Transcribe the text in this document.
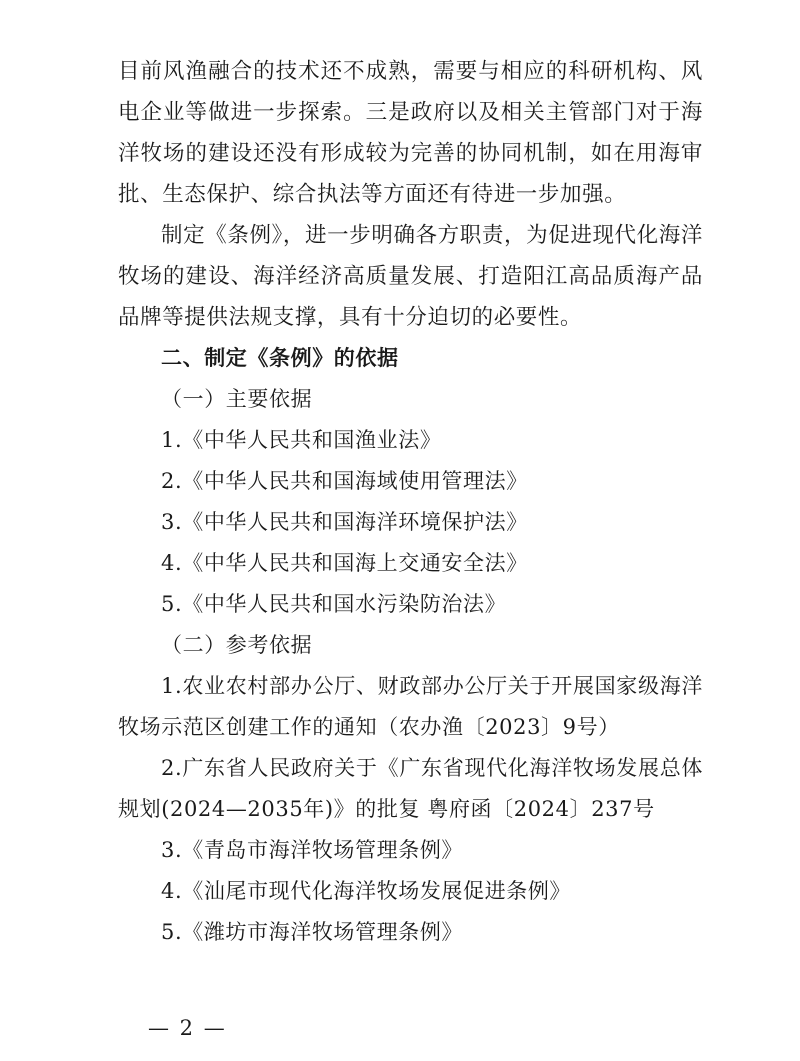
目前风渔融合的技术还不成熟，需要与相应的科研机构、风电企业等做进一步探索。三是政府以及相关主管部门对于海洋牧场的建设还没有形成较为完善的协同机制，如在用海审批、生态保护、综合执法等方面还有待进一步加强。

制定《条例》，进一步明确各方职责，为促进现代化海洋牧场的建设、海洋经济高质量发展、打造阳江高品质海产品品牌等提供法规支撑，具有十分迫切的必要性。

二、制定《条例》的依据

（一）主要依据

1.《中华人民共和国渔业法》

2.《中华人民共和国海域使用管理法》

3.《中华人民共和国海洋环境保护法》

4.《中华人民共和国海上交通安全法》

5.《中华人民共和国水污染防治法》

（二）参考依据

1.农业农村部办公厅、财政部办公厅关于开展国家级海洋牧场示范区创建工作的通知（农办渔〔2023〕9号）

2.广东省人民政府关于《广东省现代化海洋牧场发展总体规划(2024—2035年)》的批复 粤府函〔2024〕237号

3.《青岛市海洋牧场管理条例》

4.《汕尾市现代化海洋牧场发展促进条例》

5.《潍坊市海洋牧场管理条例》

— 2 —
